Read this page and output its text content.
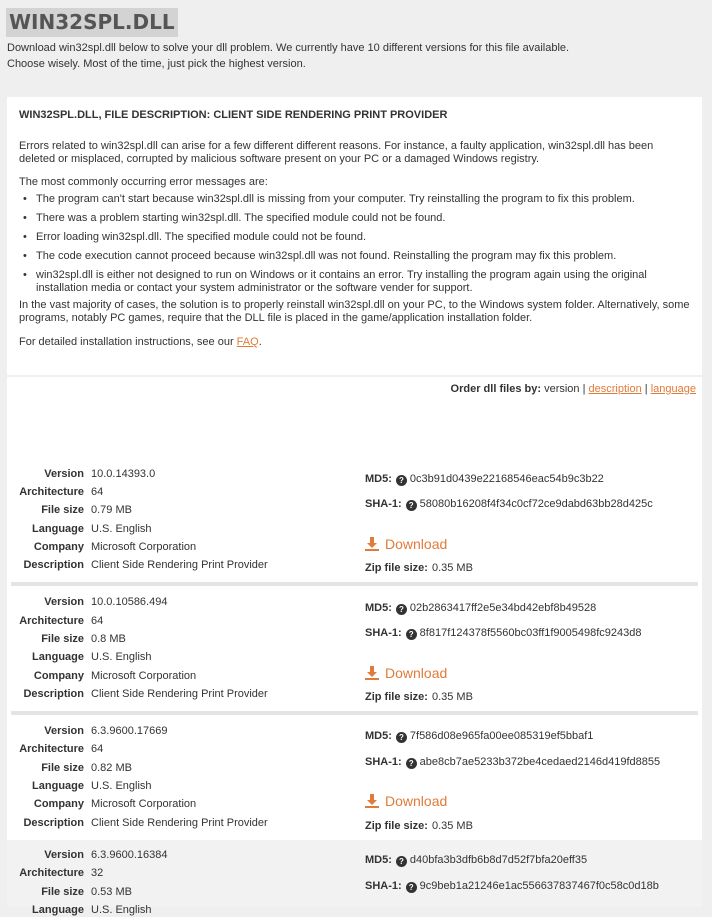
WIN32SPL.DLL
Download win32spl.dll below to solve your dll problem. We currently have 10 different versions for this file available.
Choose wisely. Most of the time, just pick the highest version.
WIN32SPL.DLL, FILE DESCRIPTION: CLIENT SIDE RENDERING PRINT PROVIDER

Errors related to win32spl.dll can arise for a few different different reasons. For instance, a faulty application, win32spl.dll has been deleted or misplaced, corrupted by malicious software present on your PC or a damaged Windows registry.

The most commonly occurring error messages are:

• The program can't start because win32spl.dll is missing from your computer. Try reinstalling the program to fix this problem.
• There was a problem starting win32spl.dll. The specified module could not be found.
• Error loading win32spl.dll. The specified module could not be found.
• The code execution cannot proceed because win32spl.dll was not found. Reinstalling the program may fix this problem.
• win32spl.dll is either not designed to run on Windows or it contains an error. Try installing the program again using the original installation media or contact your system administrator or the software vender for support.

In the vast majority of cases, the solution is to properly reinstall win32spl.dll on your PC, to the Windows system folder. Alternatively, some programs, notably PC games, require that the DLL file is placed in the game/application installation folder.

For detailed installation instructions, see our FAQ.

Order dll files by: version | description | language
Version 10.0.14393.0
Architecture 64
File size 0.79 MB
Language U.S. English
Company Microsoft Corporation
Description Client Side Rendering Print Provider
MD5: ? 0c3b91d0439e22168546eac54b9c3b22
SHA-1: ? 58080b16208f4f34c0cf72ce9dabd63bb28d425c
Download
Zip file size: 0.35 MB
Version 10.0.10586.494
Architecture 64
File size 0.8 MB
Language U.S. English
Company Microsoft Corporation
Description Client Side Rendering Print Provider
MD5: ? 02b2863417ff2e5e34bd42ebf8b49528
SHA-1: ? 8f817f124378f5560bc03ff1f9005498fc9243d8
Download
Zip file size: 0.35 MB
Version 6.3.9600.17669
Architecture 64
File size 0.82 MB
Language U.S. English
Company Microsoft Corporation
Description Client Side Rendering Print Provider
MD5: ? 7f586d08e965fa00ee085319ef5bbaf1
SHA-1: ? abe8cb7ae5233b372be4cedaed2146d419fd8855
Download
Zip file size: 0.35 MB
Version 6.3.9600.16384
Architecture 32
File size 0.53 MB
Language U.S. English
MD5: ? d40bfa3b3dfb6b8d7d52f7bfa20eff35
SHA-1: ? 9c9beb1a21246e1ac556637837467f0c58c0d18b
